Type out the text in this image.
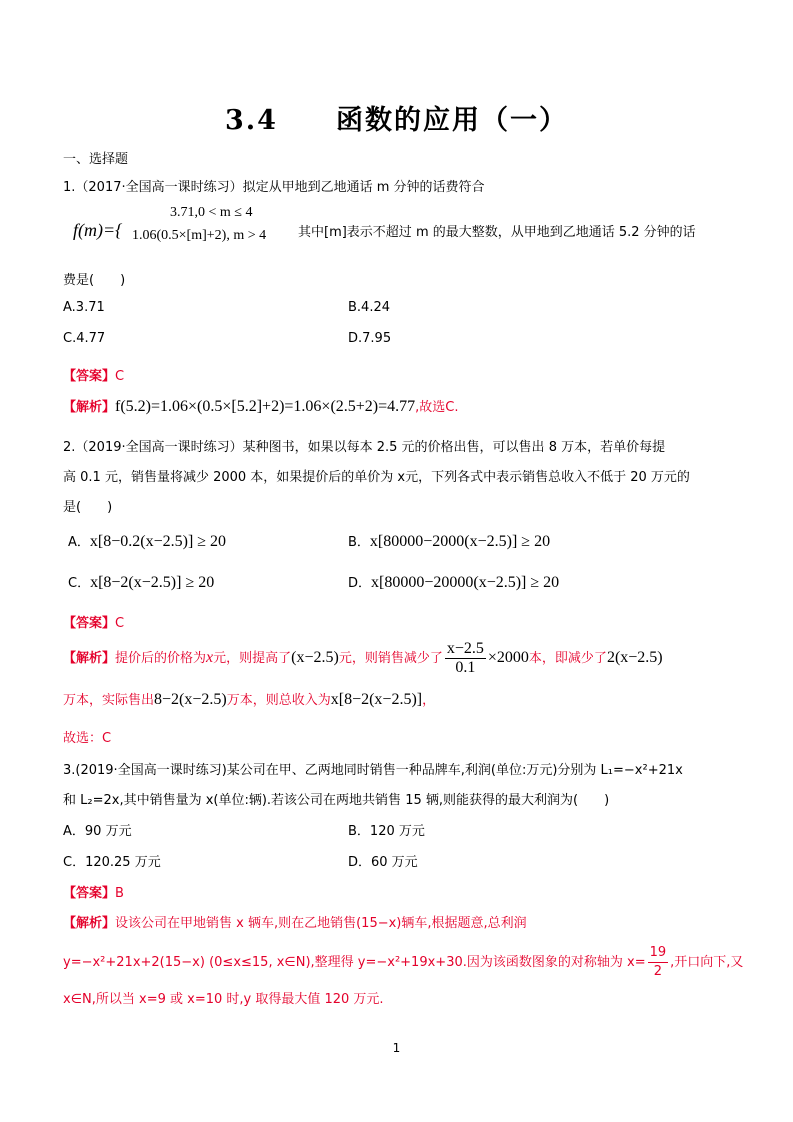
3.4　　函数的应用（一）
一、选择题
1.（2017·全国高一课时练习）拟定从甲地到乙地通话 m 分钟的话费符合
f(m)={
3.71,0 < m ≤ 4
1.06(0.5×[m]+2), m > 4 其中[m]表示不超过 m 的最大整数，从甲地到乙地通话 5.2 分钟的话
费是(　　)
A.3.71	B.4.24
C.4.77	D.7.95
【答案】C
【解析】f(5.2)=1.06×(0.5×[5.2]+2)=1.06×(2.5+2)=4.77,故选C.
2.（2019·全国高一课时练习）某种图书，如果以每本 2.5 元的价格出售，可以售出 8 万本，若单价每提
高 0.1 元，销售量将减少 2000 本，如果提价后的单价为 x元，下列各式中表示销售总收入不低于 20 万元的
是(　　)
A．x[8−0.2(x−2.5)] ≥ 20	B．x[80000−2000(x−2.5)] ≥ 20
C．x[8−2(x−2.5)] ≥ 20	D．x[80000−20000(x−2.5)] ≥ 20
【答案】C
【解析】提价后的价格为x元，则提高了(x−2.5)元，则销售减少了 $\frac{x-2.5}{0.1} \times 2000$本，即减少了2(x−2.5)
万本，实际售出8−2(x−2.5)万本，则总收入为x[8−2(x−2.5)]，
故选：C
3.(2019·全国高一课时练习)某公司在甲、乙两地同时销售一种品牌车,利润(单位:万元)分别为 L₁=−x²+21x
和 L₂=2x,其中销售量为 x(单位:辆).若该公司在两地共销售 15 辆,则能获得的最大利润为(　　)
A．90 万元	B．120 万元
C．120.25 万元	D．60 万元
【答案】B
【解析】设该公司在甲地销售 x 辆车,则在乙地销售(15−x)辆车,根据题意,总利润
y=−x²+21x+2(15−x) (0≤x≤15, x∈N),整理得 y=−x²+19x+30.因为该函数图象的对称轴为 $x= \frac{19}{2}$ ,开口向下,又
x∈N,所以当 x=9 或 x=10 时,y 取得最大值 120 万元.
1
